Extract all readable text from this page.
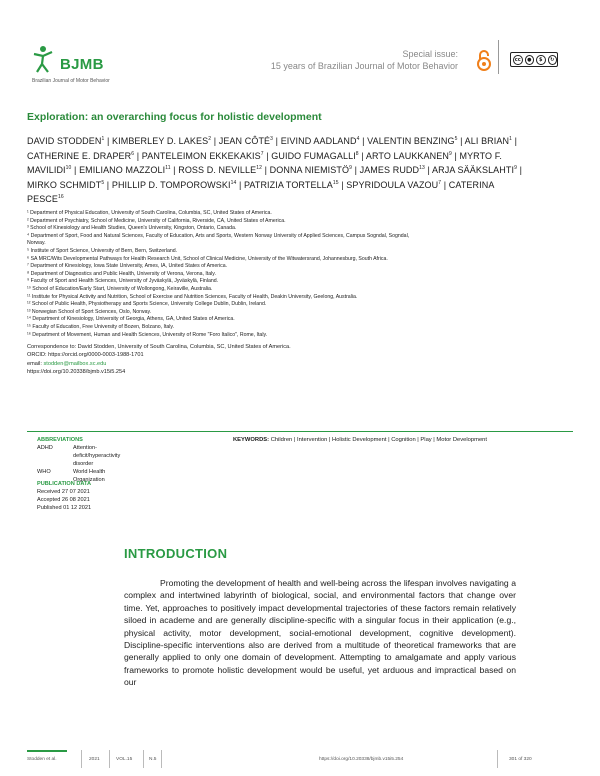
BJMB
Brazilian Journal of Motor Behavior
Special issue:
15 years of Brazilian Journal of Motor Behavior
cc	●	$	↻
Exploration: an overarching focus for holistic development
DAVID STODDEN$^1$ | KIMBERLEY D. LAKES$^2$ | JEAN CÔTÉ$^3$ | EIVIND AADLAND$^4$ | VALENTIN BENZING$^5$ | ALI BRIAN$^1$ | CATHERINE E. DRAPER$^6$ | PANTELEIMON EKKEKAKIS$^7$ | GUIDO FUMAGALLI$^8$ | ARTO LAUKKANEN$^9$ | MYRTO F. MAVILIDI$^{10}$ | EMILIANO MAZZOLI$^{11}$ | ROSS D. NEVILLE$^{12}$ | DONNA NIEMISTÖ$^9$ | JAMES RUDD$^{13}$ | ARJA SÄÄKSLAHTI$^9$ | MIRKO SCHMIDT$^5$ | PHILLIP D. TOMPOROWSKI$^{14}$ | PATRIZIA TORTELLA$^{15}$ | SPYRIDOULA VAZOU$^7$ | CATERINA PESCE$^{16}$
¹ Department of Physical Education, University of South Carolina, Columbia, SC, United States of America.
² Department of Psychiatry, School of Medicine, University of California, Riverside, CA, United States of America.
³ School of Kinesiology and Health Studies, Queen's University, Kingston, Ontario, Canada.
⁴ Department of Sport, Food and Natural Sciences, Faculty of Education, Arts and Sports, Western Norway University of Applied Sciences, Campus Sogndal, Sogndal,
Norway.
⁵ Institute of Sport Science, University of Bern, Bern, Switzerland.
⁶ SA MRC/Wits Developmental Pathways for Health Research Unit, School of Clinical Medicine, University of the Witwatersrand, Johannesburg, South Africa.
⁷ Department of Kinesiology, Iowa State University, Ames, IA, United States of America.
⁸ Department of Diagnostics and Public Health, University of Verona, Verona, Italy.
⁹ Faculty of Sport and Health Sciences, University of Jyväskylä, Jyväskylä, Finland.
¹⁰ School of Education/Early Start, University of Wollongong, Keiraville, Australia.
¹¹ Institute for Physical Activity and Nutrition, School of Exercise and Nutrition Sciences, Faculty of Health, Deakin University, Geelong, Australia.
¹² School of Public Health, Physiotherapy and Sports Science, University College Dublin, Dublin, Ireland.
¹³ Norwegian School of Sport Sciences, Oslo, Norway.
¹⁴ Department of Kinesiology, University of Georgia, Athens, GA, United States of America.
¹⁵ Faculty of Education, Free University of Bozen, Bolzano, Italy.
¹⁶ Department of Movement, Human and Health Sciences, University of Rome "Foro Italico", Rome, Italy.
Correspondence to: David Stodden, University of South Carolina, Columbia, SC, United States of America.
ORCID: https://orcid.org/0000-0003-1988-1701
email: stodden@mailbox.sc.edu
https://doi.org/10.20338/bjmb.v15i5.254
ABBREVIATIONS
ADHD	Attention-deficit/hyperactivity disorder
WHO	World Health Organization
PUBLICATION DATA
Received 27 07 2021
Accepted 26 08 2021
Published 01 12 2021
KEYWORDS: Children | Intervention | Holistic Development | Cognition | Play | Motor Development
INTRODUCTION

Promoting the development of health and well-being across the lifespan involves navigating a complex and intertwined labyrinth of biological, social, and environmental factors that change over time. Yet, approaches to positively impact developmental trajectories of these factors remain relatively siloed in academe and are generally discipline-specific with a singular focus in their application (e.g., physical activity, motor development, social-emotional development, cognitive development). Discipline-specific interventions also are derived from a multitude of theoretical frameworks that are generally applied to only one domain of development. Attempting to amalgamate and apply various frameworks to promote holistic development would be useful, yet arduous and impractical based on our

Stodden et al.	2021	VOL.15	N.5	https://doi.org/10.20338/bjmb.v15i5.254	301 of 320
